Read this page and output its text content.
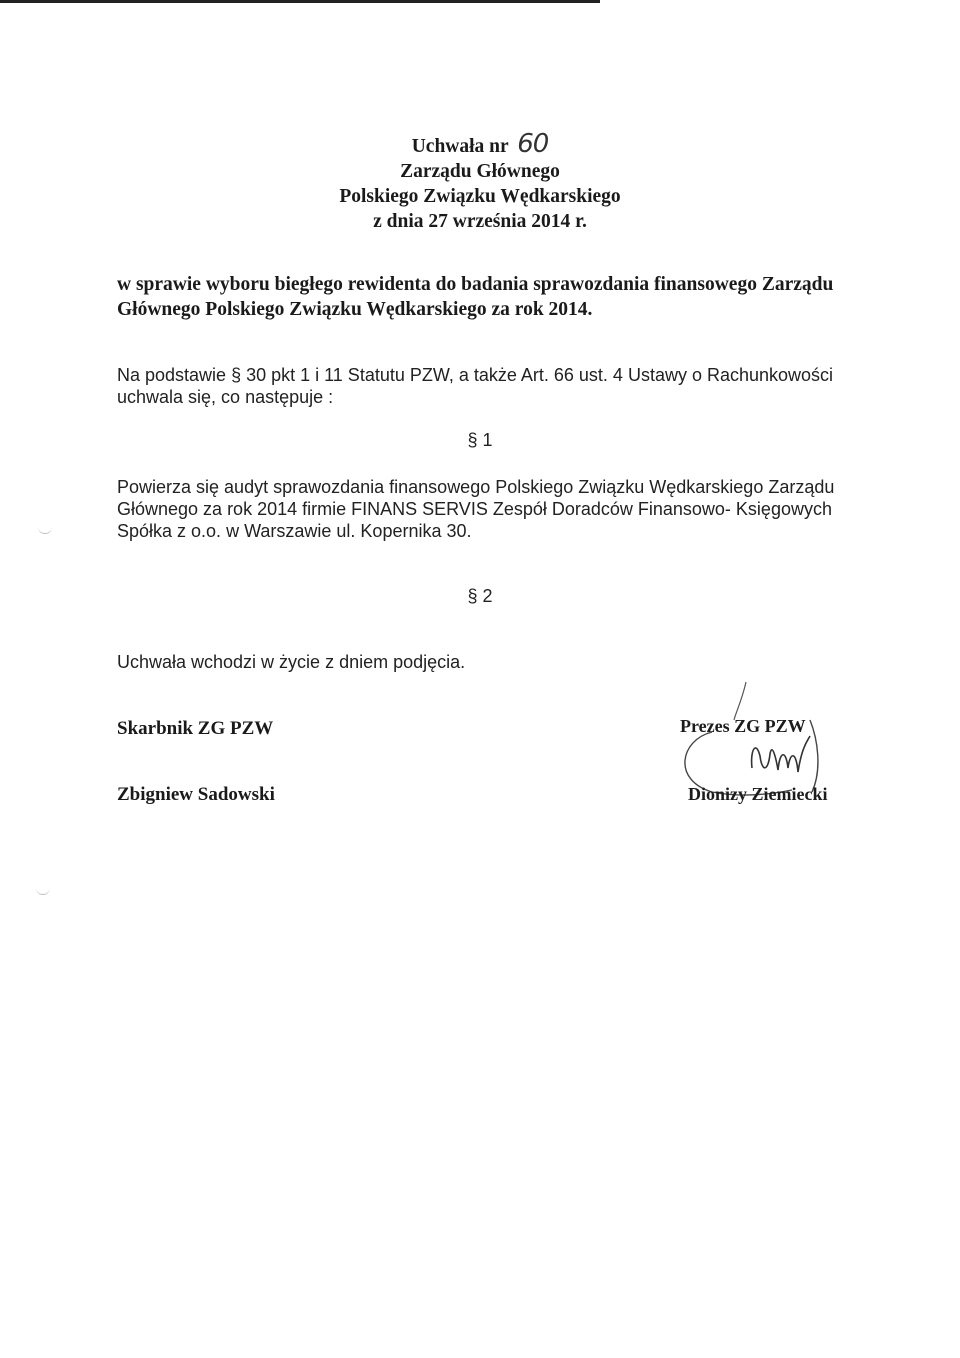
Uchwała nr 60
Zarządu Głównego
Polskiego Związku Wędkarskiego
z dnia 27 września 2014 r.
w sprawie wyboru biegłego rewidenta do badania sprawozdania finansowego Zarządu Głównego Polskiego Związku Wędkarskiego za rok 2014.
Na podstawie § 30 pkt 1 i 11 Statutu PZW, a także Art. 66 ust. 4 Ustawy o Rachunkowości uchwala się, co następuje :
§ 1
Powierza się audyt sprawozdania finansowego Polskiego Związku Wędkarskiego Zarządu Głównego za rok 2014 firmie FINANS SERVIS Zespół Doradców Finansowo- Księgowych Spółka z o.o. w Warszawie ul. Kopernika 30.
§ 2
Uchwała wchodzi w życie z dniem podjęcia.
Skarbnik ZG PZW
Zbigniew Sadowski
Prezes ZG PZW
Dionizy Ziemiecki
